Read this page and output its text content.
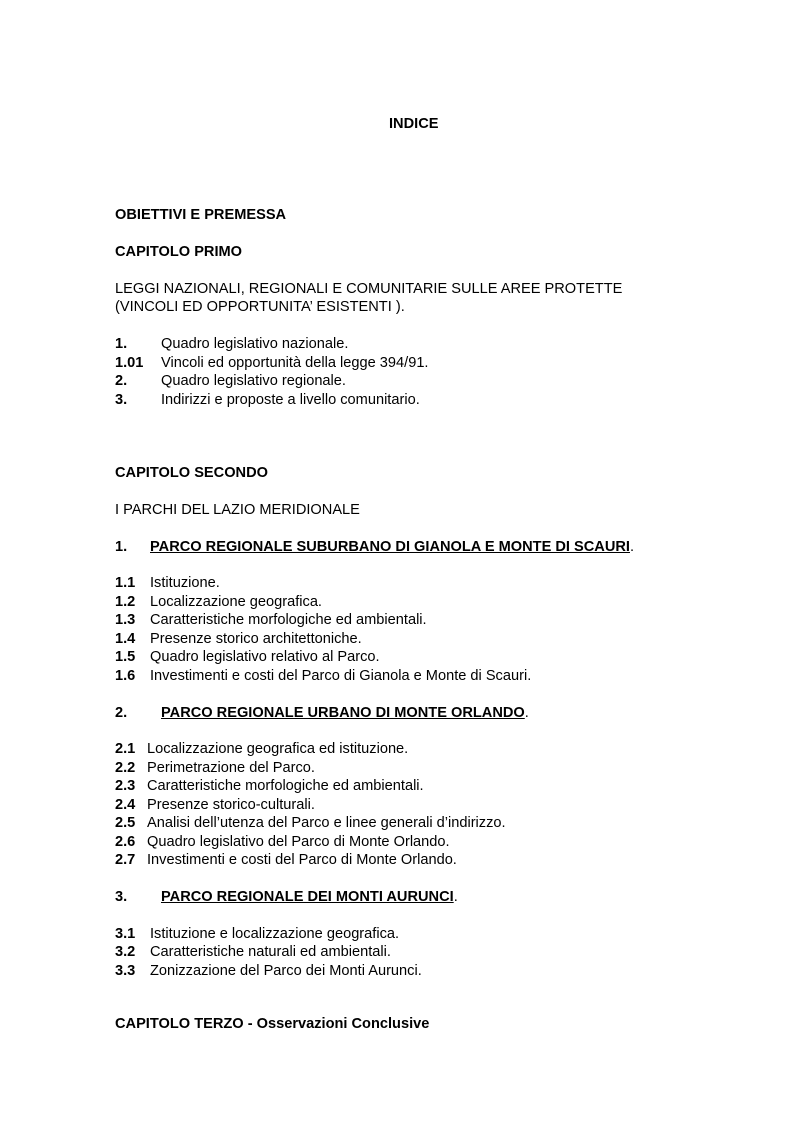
INDICE
OBIETTIVI E PREMESSA
CAPITOLO PRIMO
LEGGI NAZIONALI, REGIONALI E COMUNITARIE SULLE AREE PROTETTE
(VINCOLI ED OPPORTUNITA’ ESISTENTI ).
1. Quadro legislativo nazionale.
1.01 Vincoli ed opportunità della legge 394/91.
2. Quadro legislativo regionale.
3. Indirizzi e proposte a livello comunitario.
CAPITOLO SECONDO
I PARCHI DEL LAZIO MERIDIONALE
1. PARCO REGIONALE SUBURBANO DI GIANOLA E MONTE DI SCAURI.
1.1 Istituzione.
1.2 Localizzazione geografica.
1.3 Caratteristiche morfologiche ed ambientali.
1.4 Presenze storico architettoniche.
1.5 Quadro legislativo relativo al Parco.
1.6 Investimenti e costi del Parco di Gianola e Monte di Scauri.
2. PARCO REGIONALE URBANO DI MONTE ORLANDO.
2.1 Localizzazione geografica ed istituzione.
2.2 Perimetrazione del Parco.
2.3 Caratteristiche morfologiche ed ambientali.
2.4 Presenze storico-culturali.
2.5 Analisi dell’utenza del Parco e linee generali d’indirizzo.
2.6 Quadro legislativo del Parco di Monte Orlando.
2.7 Investimenti e costi del Parco di Monte Orlando.
3. PARCO REGIONALE DEI MONTI AURUNCI.
3.1 Istituzione e localizzazione geografica.
3.2 Caratteristiche naturali ed ambientali.
3.3 Zonizzazione del Parco dei Monti Aurunci.
CAPITOLO TERZO - Osservazioni Conclusive
